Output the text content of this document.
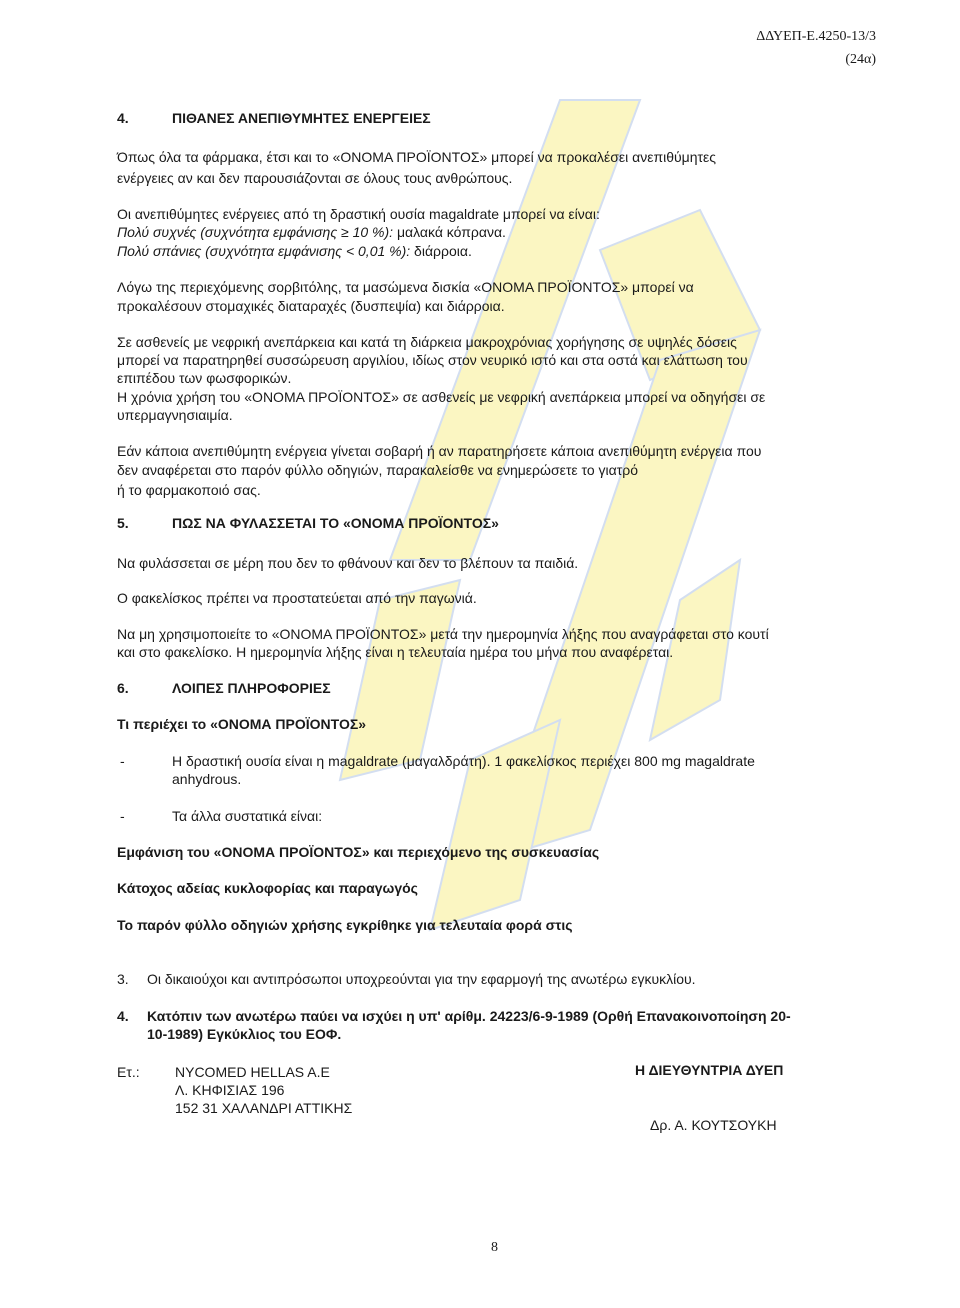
ΔΔΥΕΠ-Ε.4250-13/3
(24α)
4.	ΠΙΘΑΝΕΣ ΑΝΕΠΙΘΥΜΗΤΕΣ ΕΝΕΡΓΕΙΕΣ
Όπως όλα τα φάρμακα, έτσι και το «ΟΝΟΜΑ ΠΡΟΪΟΝΤΟΣ» μπορεί να προκαλέσει ανεπιθύμητες
ενέργειες αν και δεν παρουσιάζονται σε όλους τους ανθρώπους.
Οι ανεπιθύμητες ενέργειες από τη δραστική ουσία magaldrate μπορεί να είναι:
Πολύ συχνές (συχνότητα εμφάνισης ≥ 10 %): μαλακά κόπρανα.
Πολύ σπάνιες (συχνότητα εμφάνισης < 0,01 %): διάρροια.
Λόγω της περιεχόμενης σορβιτόλης, τα μασώμενα δισκία «ΟΝΟΜΑ ΠΡΟΪΟΝΤΟΣ» μπορεί να
προκαλέσουν στομαχικές διαταραχές (δυσπεψία) και διάρροια.
Σε ασθενείς με νεφρική ανεπάρκεια και κατά τη διάρκεια μακροχρόνιας χορήγησης σε υψηλές δόσεις
μπορεί να παρατηρηθεί συσσώρευση αργιλίου, ιδίως στον νευρικό ιστό και στα οστά και ελάττωση του
επιπέδου των φωσφορικών.
Η χρόνια χρήση του «ΟΝΟΜΑ ΠΡΟΪΟΝΤΟΣ» σε ασθενείς με νεφρική ανεπάρκεια μπορεί να οδηγήσει σε
υπερμαγνησιαιμία.
Εάν κάποια ανεπιθύμητη ενέργεια γίνεται σοβαρή ή αν παρατηρήσετε κάποια ανεπιθύμητη ενέργεια που
δεν αναφέρεται στο παρόν φύλλο οδηγιών, παρακαλείσθε να ενημερώσετε το γιατρό
ή το φαρμακοποιό σας.
5.	ΠΩΣ ΝΑ ΦΥΛΑΣΣΕΤΑΙ ΤΟ «ΟΝΟΜΑ ΠΡΟΪΟΝΤΟΣ»
Να φυλάσσεται σε μέρη που δεν το φθάνουν και δεν το βλέπουν τα παιδιά.
Ο φακελίσκος πρέπει να προστατεύεται από την παγωνιά.
Να μη χρησιμοποιείτε το «ΟΝΟΜΑ ΠΡΟΪΟΝΤΟΣ» μετά την ημερομηνία λήξης που αναγράφεται στο κουτί
και στο φακελίσκο. Η ημερομηνία λήξης είναι η τελευταία ημέρα του μήνα που αναφέρεται.
6.	ΛΟΙΠΕΣ ΠΛΗΡΟΦΟΡΙΕΣ
Τι περιέχει το «ΟΝΟΜΑ ΠΡΟΪΟΝΤΟΣ»
-	Η δραστική ουσία είναι η magaldrate (μαγαλδράτη). 1 φακελίσκος περιέχει 800 mg magaldrate
anhydrous.
-	Τα άλλα συστατικά είναι:
Εμφάνιση του «ΟΝΟΜΑ ΠΡΟΪΟΝΤΟΣ» και περιεχόμενο της συσκευασίας
Κάτοχος αδείας κυκλοφορίας και παραγωγός
Το παρόν φύλλο οδηγιών χρήσης εγκρίθηκε για τελευταία φορά στις
3. Οι δικαιούχοι και αντιπρόσωποι υποχρεούνται για την εφαρμογή της ανωτέρω εγκυκλίου.
4. Κατόπιν των ανωτέρω παύει να ισχύει η υπ' αρίθμ. 24223/6-9-1989 (Ορθή Επανακοινοποίηση 20-
10-1989) Εγκύκλιος του ΕΟΦ.
Ετ.:	NYCOMED HELLAS A.E
Λ. ΚΗΦΙΣΙΑΣ 196
152 31 ΧΑΛΑΝΔΡΙ ΑΤΤΙΚΗΣ
Η ΔΙΕΥΘΥΝΤΡΙΑ ΔΥΕΠ
Δρ. Α. ΚΟΥΤΣΟΥΚΗ
8
